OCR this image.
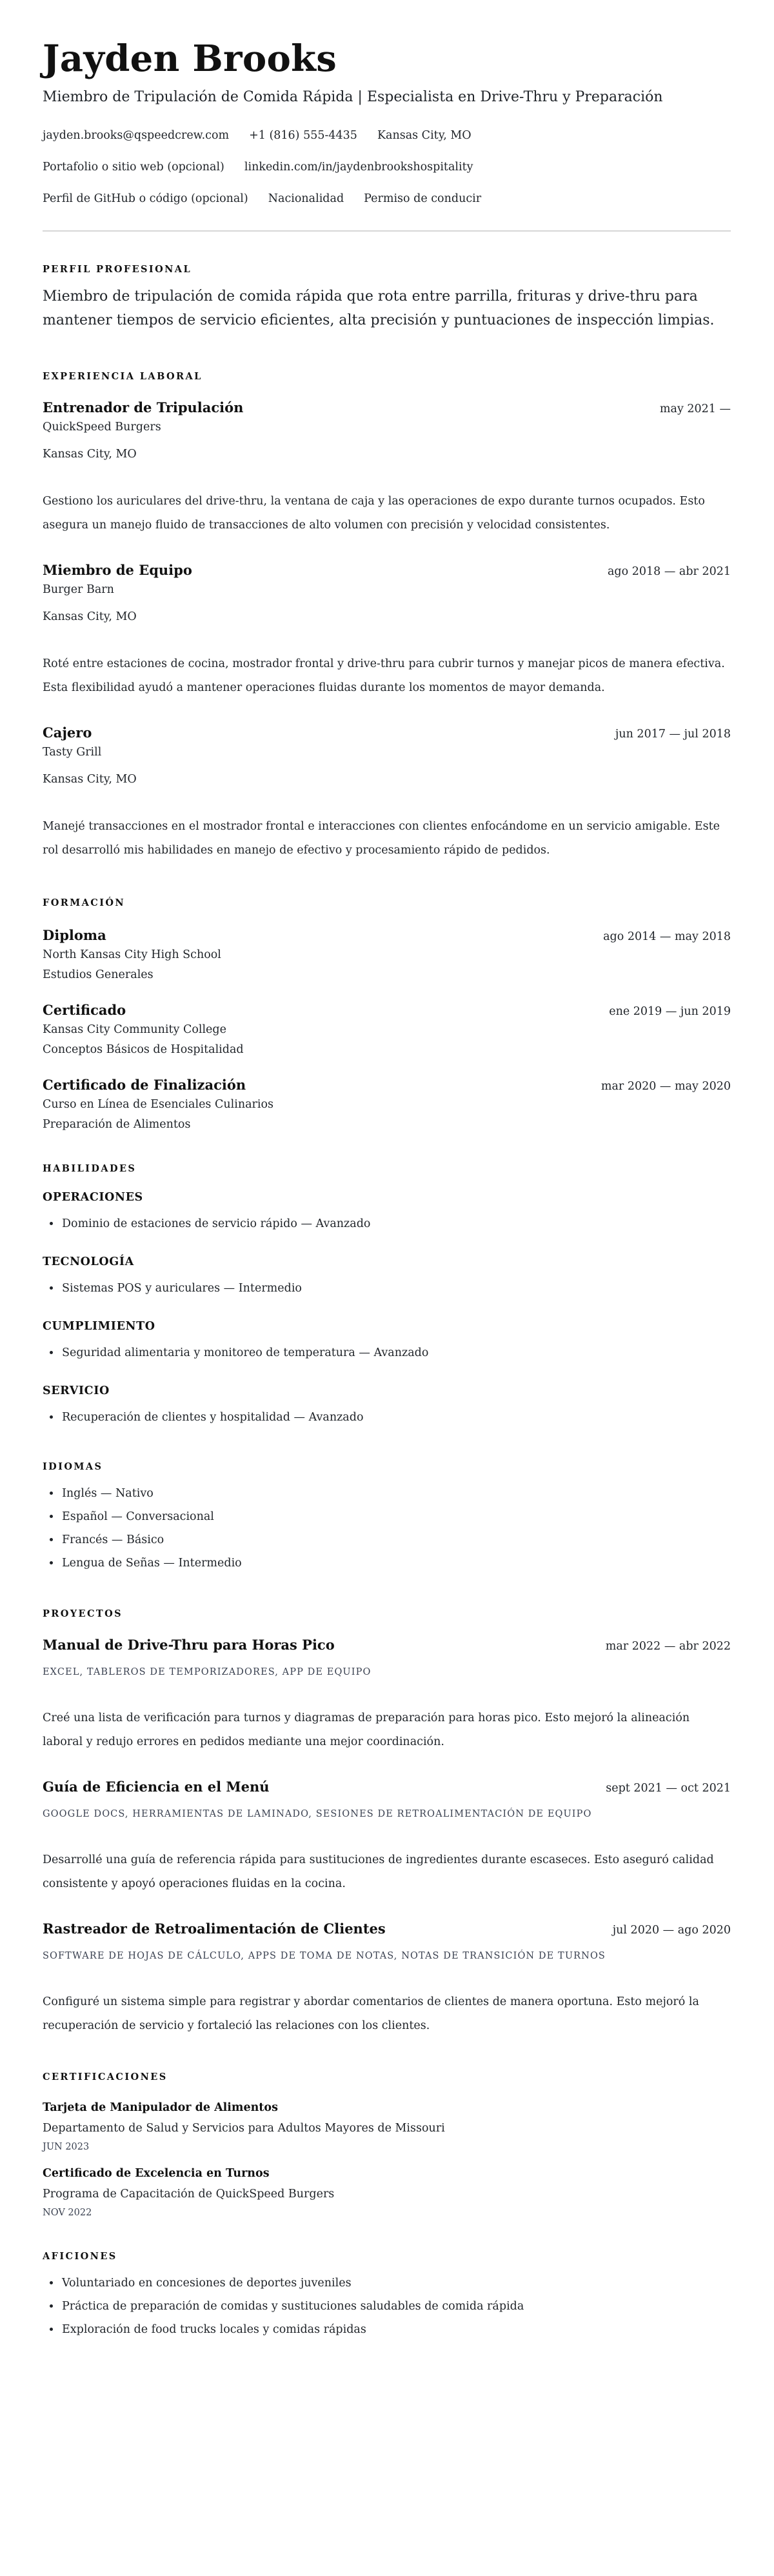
Jayden Brooks
Miembro de Tripulación de Comida Rápida | Especialista en Drive-Thru y Preparación
jayden.brooks@qspeedcrew.com +1 (816) 555-4435 Kansas City, MO
Portafolio o sitio web (opcional) linkedin.com/in/jaydenbrookshospitality
Perfil de GitHub o código (opcional) Nacionalidad Permiso de conducir
PERFIL PROFESIONAL

Miembro de tripulación de comida rápida que rota entre parrilla, frituras y drive-thru para mantener tiempos de servicio eficientes, alta precisión y puntuaciones de inspección limpias.

EXPERIENCIA LABORAL
Entrenador de Tripulación	may 2021 —
QuickSpeed Burgers
Kansas City, MO

Gestiono los auriculares del drive-thru, la ventana de caja y las operaciones de expo durante turnos ocupados. Esto asegura un manejo fluido de transacciones de alto volumen con precisión y velocidad consistentes.

Miembro de Equipo	ago 2018 — abr 2021
Burger Barn
Kansas City, MO

Roté entre estaciones de cocina, mostrador frontal y drive-thru para cubrir turnos y manejar picos de manera efectiva. Esta flexibilidad ayudó a mantener operaciones fluidas durante los momentos de mayor demanda.

Cajero	jun 2017 — jul 2018
Tasty Grill
Kansas City, MO

Manejé transacciones en el mostrador frontal e interacciones con clientes enfocándome en un servicio amigable. Este rol desarrolló mis habilidades en manejo de efectivo y procesamiento rápido de pedidos.

FORMACIÓN
Diploma	ago 2014 — may 2018
North Kansas City High School
Estudios Generales
Certificado	ene 2019 — jun 2019
Kansas City Community College
Conceptos Básicos de Hospitalidad
Certificado de Finalización	mar 2020 — may 2020
Curso en Línea de Esenciales Culinarios
Preparación de Alimentos
HABILIDADES
OPERACIONES
• Dominio de estaciones de servicio rápido — Avanzado
TECNOLOGÍA
• Sistemas POS y auriculares — Intermedio
CUMPLIMIENTO
• Seguridad alimentaria y monitoreo de temperatura — Avanzado
SERVICIO
• Recuperación de clientes y hospitalidad — Avanzado
IDIOMAS
• Inglés — Nativo
• Español — Conversacional
• Francés — Básico
• Lengua de Señas — Intermedio
PROYECTOS
Manual de Drive-Thru para Horas Pico	mar 2022 — abr 2022
EXCEL, TABLEROS DE TEMPORIZADORES, APP DE EQUIPO

Creé una lista de verificación para turnos y diagramas de preparación para horas pico. Esto mejoró la alineación laboral y redujo errores en pedidos mediante una mejor coordinación.

Guía de Eficiencia en el Menú	sept 2021 — oct 2021
GOOGLE DOCS, HERRAMIENTAS DE LAMINADO, SESIONES DE RETROALIMENTACIÓN DE EQUIPO

Desarrollé una guía de referencia rápida para sustituciones de ingredientes durante escaseces. Esto aseguró calidad consistente y apoyó operaciones fluidas en la cocina.

Rastreador de Retroalimentación de Clientes	jul 2020 — ago 2020
SOFTWARE DE HOJAS DE CÁLCULO, APPS DE TOMA DE NOTAS, NOTAS DE TRANSICIÓN DE TURNOS

Configuré un sistema simple para registrar y abordar comentarios de clientes de manera oportuna. Esto mejoró la recuperación de servicio y fortaleció las relaciones con los clientes.

CERTIFICACIONES
Tarjeta de Manipulador de Alimentos
Departamento de Salud y Servicios para Adultos Mayores de Missouri
JUN 2023
Certificado de Excelencia en Turnos
Programa de Capacitación de QuickSpeed Burgers
NOV 2022
AFICIONES
• Voluntariado en concesiones de deportes juveniles
• Práctica de preparación de comidas y sustituciones saludables de comida rápida
• Exploración de food trucks locales y comidas rápidas
